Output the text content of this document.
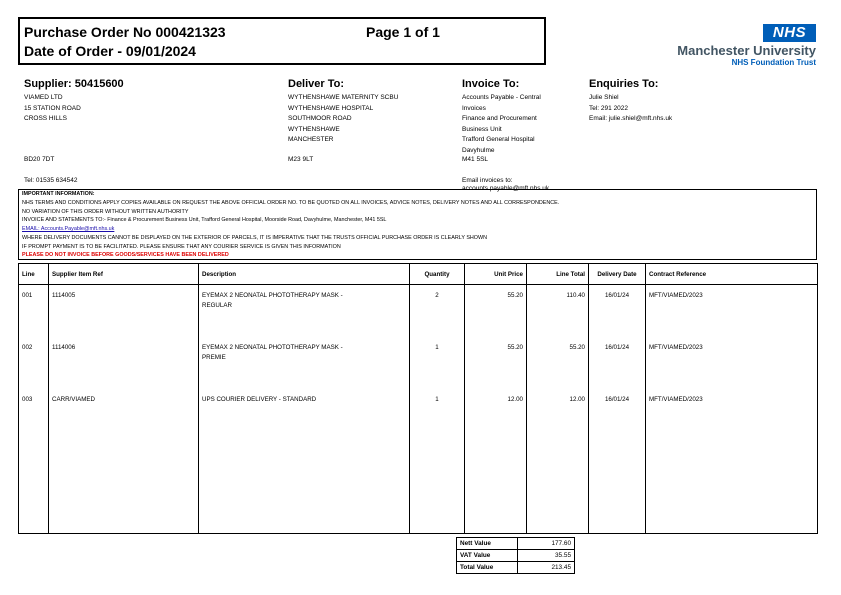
Purchase Order No 000421323	Page 1 of 1
Date of Order - 09/01/2024
NHS
Manchester University
NHS Foundation Trust
Supplier: 50415600
VIAMED LTD
15 STATION ROAD
CROSS HILLS
BD20 7DT
Tel: 01535 634542
Deliver To:
WYTHENSHAWE MATERNITY SCBU
WYTHENSHAWE HOSPITAL
SOUTHMOOR ROAD
WYTHENSHAWE
MANCHESTER
M23 9LT
Invoice To:
Accounts Payable - Central
Invoices
Finance and Procurement
Business Unit
Trafford General Hospital
Davyhulme
M41 5SL
Email invoices to:
accounts.payable@mft.nhs.uk
Enquiries To:
Julie Shiel
Tel: 291 2022
Email: julie.shiel@mft.nhs.uk
IMPORTANT INFORMATION:
NHS TERMS AND CONDITIONS APPLY COPIES AVAILABLE ON REQUEST THE ABOVE OFFICIAL ORDER NO. TO BE QUOTED ON ALL INVOICES, ADVICE NOTES, DELIVERY NOTES AND ALL CORRESPONDENCE.
NO VARIATION OF THIS ORDER WITHOUT WRITTEN AUTHORITY
INVOICE AND STATEMENTS TO:- Finance & Procurement Business Unit, Trafford General Hospital, Moorside Road, Davyhulme, Manchester, M41 5SL
EMAIL: Accounts.Payable@mft.nhs.uk
WHERE DELIVERY DOCUMENTS CANNOT BE DISPLAYED ON THE EXTERIOR OF PARCELS, IT IS IMPERATIVE THAT THE TRUSTS OFFICIAL PURCHASE ORDER IS CLEARLY SHOWN
IF PROMPT PAYMENT IS TO BE FACILITATED. PLEASE ENSURE THAT ANY COURIER SERVICE IS GIVEN THIS INFORMATION
PLEASE DO NOT INVOICE BEFORE GOODS/SERVICES HAVE BEEN DELIVERED
Line	Supplier Item Ref	Description	Quantity	Unit Price	Line Total	Delivery Date	Contract Reference
001	1114005	EYEMAX 2 NEONATAL PHOTOTHERAPY MASK -
REGULAR	2	55.20	110.40	16/01/24	MFT/VIAMED/2023
002	1114006	EYEMAX 2 NEONATAL PHOTOTHERAPY MASK -
PREMIE	1	55.20	55.20	16/01/24	MFT/VIAMED/2023
003	CARR/VIAMED	UPS COURIER DELIVERY - STANDARD	1	12.00	12.00	16/01/24	MFT/VIAMED/2023

Nett Value	177.60
VAT Value	35.55
Total Value	213.45
